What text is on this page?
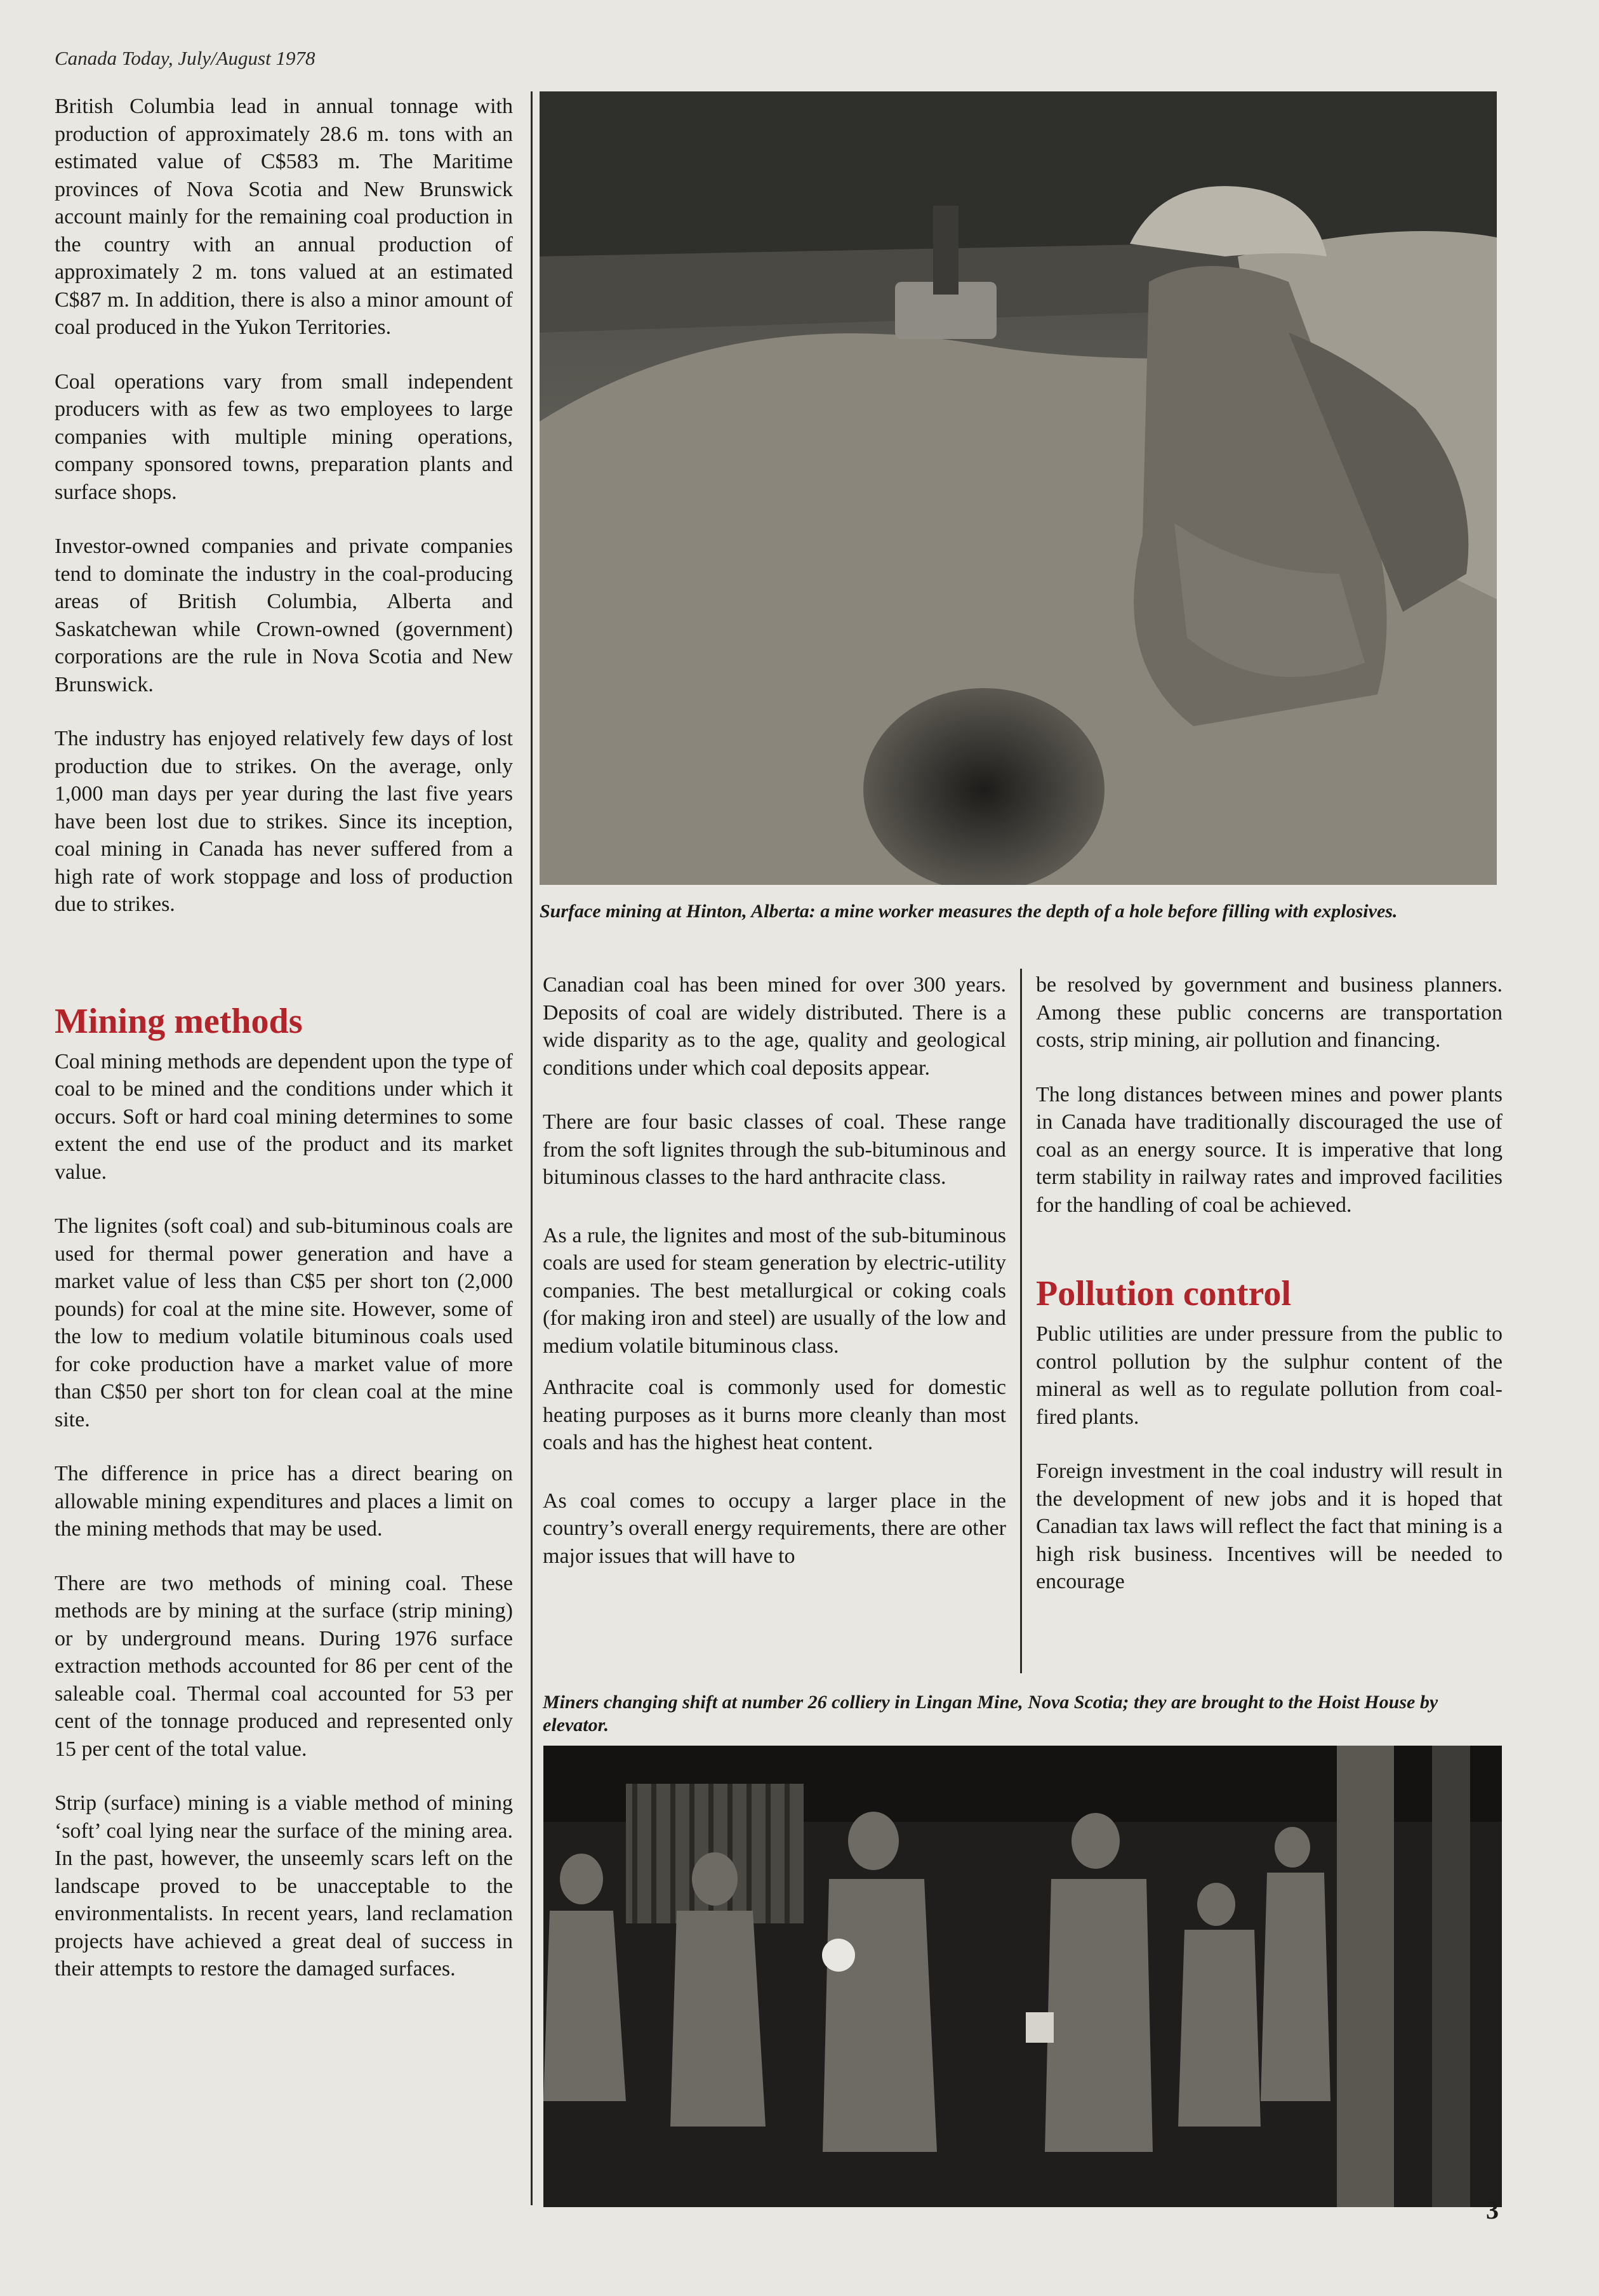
Canada Today, July/August 1978

British Columbia lead in annual tonnage with production of approximately 28.6 m. tons with an estimated value of C$583 m. The Maritime provinces of Nova Scotia and New Brunswick account mainly for the remaining coal production in the country with an annual production of approximately 2 m. tons valued at an estimated C$87 m. In addition, there is also a minor amount of coal produced in the Yukon Territories.

Coal operations vary from small independent producers with as few as two employees to large companies with multiple mining operations, company sponsored towns, preparation plants and surface shops.

Investor-owned companies and private companies tend to dominate the industry in the coal-producing areas of British Columbia, Alberta and Saskatchewan while Crown-owned (government) corporations are the rule in Nova Scotia and New Brunswick.

The industry has enjoyed relatively few days of lost production due to strikes. On the average, only 1,000 man days per year during the last five years have been lost due to strikes. Since its inception, coal mining in Canada has never suffered from a high rate of work stoppage and loss of production due to strikes.

Mining methods

Coal mining methods are dependent upon the type of coal to be mined and the conditions under which it occurs. Soft or hard coal mining determines to some extent the end use of the product and its market value.

The lignites (soft coal) and sub-bituminous coals are used for thermal power generation and have a market value of less than C$5 per short ton (2,000 pounds) for coal at the mine site. However, some of the low to medium volatile bituminous coals used for coke production have a market value of more than C$50 per short ton for clean coal at the mine site.

The difference in price has a direct bearing on allowable mining expenditures and places a limit on the mining methods that may be used.

There are two methods of mining coal. These methods are by mining at the surface (strip mining) or by underground means. During 1976 surface extraction methods accounted for 86 per cent of the saleable coal. Thermal coal accounted for 53 per cent of the tonnage produced and represented only 15 per cent of the total value.

Strip (surface) mining is a viable method of mining ‘soft’ coal lying near the surface of the mining area. In the past, however, the unseemly scars left on the landscape proved to be unacceptable to the environmentalists. In recent years, land reclamation projects have achieved a great deal of success in their attempts to restore the damaged surfaces.

Surface mining at Hinton, Alberta: a mine worker measures the depth of a hole before filling with explosives.

Canadian coal has been mined for over 300 years. Deposits of coal are widely distributed. There is a wide disparity as to the age, quality and geological conditions under which coal deposits appear.

There are four basic classes of coal. These range from the soft lignites through the sub-bituminous and bituminous classes to the hard anthracite class.

As a rule, the lignites and most of the sub-bituminous coals are used for steam generation by electric-utility companies. The best metallurgical or coking coals (for making iron and steel) are usually of the low and medium volatile bituminous class.

Anthracite coal is commonly used for domestic heating purposes as it burns more cleanly than most coals and has the highest heat content.

As coal comes to occupy a larger place in the country’s overall energy requirements, there are other major issues that will have to

be resolved by government and business planners. Among these public concerns are transportation costs, strip mining, air pollution and financing.

The long distances between mines and power plants in Canada have traditionally discouraged the use of coal as an energy source. It is imperative that long term stability in railway rates and improved facilities for the handling of coal be achieved.

Pollution control

Public utilities are under pressure from the public to control pollution by the sulphur content of the mineral as well as to regulate pollution from coal-fired plants.

Foreign investment in the coal industry will result in the development of new jobs and it is hoped that Canadian tax laws will reflect the fact that mining is a high risk business. Incentives will be needed to encourage

Miners changing shift at number 26 colliery in Lingan Mine, Nova Scotia; they are brought to the Hoist House by elevator.
3
